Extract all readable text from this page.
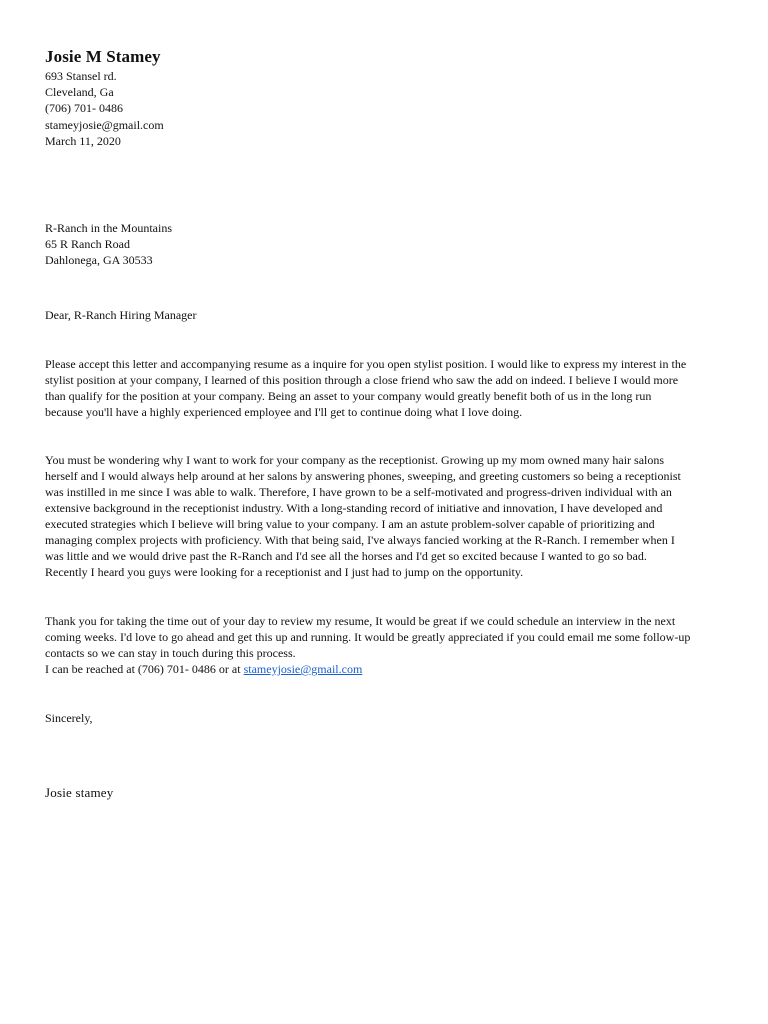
Josie M Stamey
693 Stansel rd.
Cleveland, Ga
(706) 701- 0486
stameyjosie@gmail.com
March 11, 2020
R-Ranch in the Mountains
65 R Ranch Road
Dahlonega, GA 30533
Dear, R-Ranch Hiring Manager
Please accept this letter and accompanying resume as a inquire for you open stylist position. I would like to express my interest in the
stylist position at your company, I learned of this position through a close friend who saw the add on indeed. I believe I would more
than qualify for the position at your company. Being an asset to your company would greatly benefit both of us in the long run
because you'll have a highly experienced employee and I'll get to continue doing what I love doing.
You must be wondering why I want to work for your company as the receptionist. Growing up my mom owned many hair salons
herself and I would always help around at her salons by answering phones, sweeping, and greeting customers so being a receptionist
was instilled in me since I was able to walk. Therefore, I have grown to be a self-motivated and progress-driven individual with an
extensive background in the receptionist industry. With a long-standing record of initiative and innovation, I have developed and
executed strategies which I believe will bring value to your company. I am an astute problem-solver capable of prioritizing and
managing complex projects with proficiency. With that being said, I've always fancied working at the R-Ranch. I remember when I
was little and we would drive past the R-Ranch and I'd see all the horses and I'd get so excited because I wanted to go so bad.
Recently I heard you guys were looking for a receptionist and I just had to jump on the opportunity.
Thank you for taking the time out of your day to review my resume, It would be great if we could schedule an interview in the next
coming weeks. I'd love to go ahead and get this up and running. It would be greatly appreciated if you could email me some follow-up
contacts so we can stay in touch during this process.
I can be reached at (706) 701- 0486 or at stameyjosie@gmail.com
Sincerely,
Josie stamey
